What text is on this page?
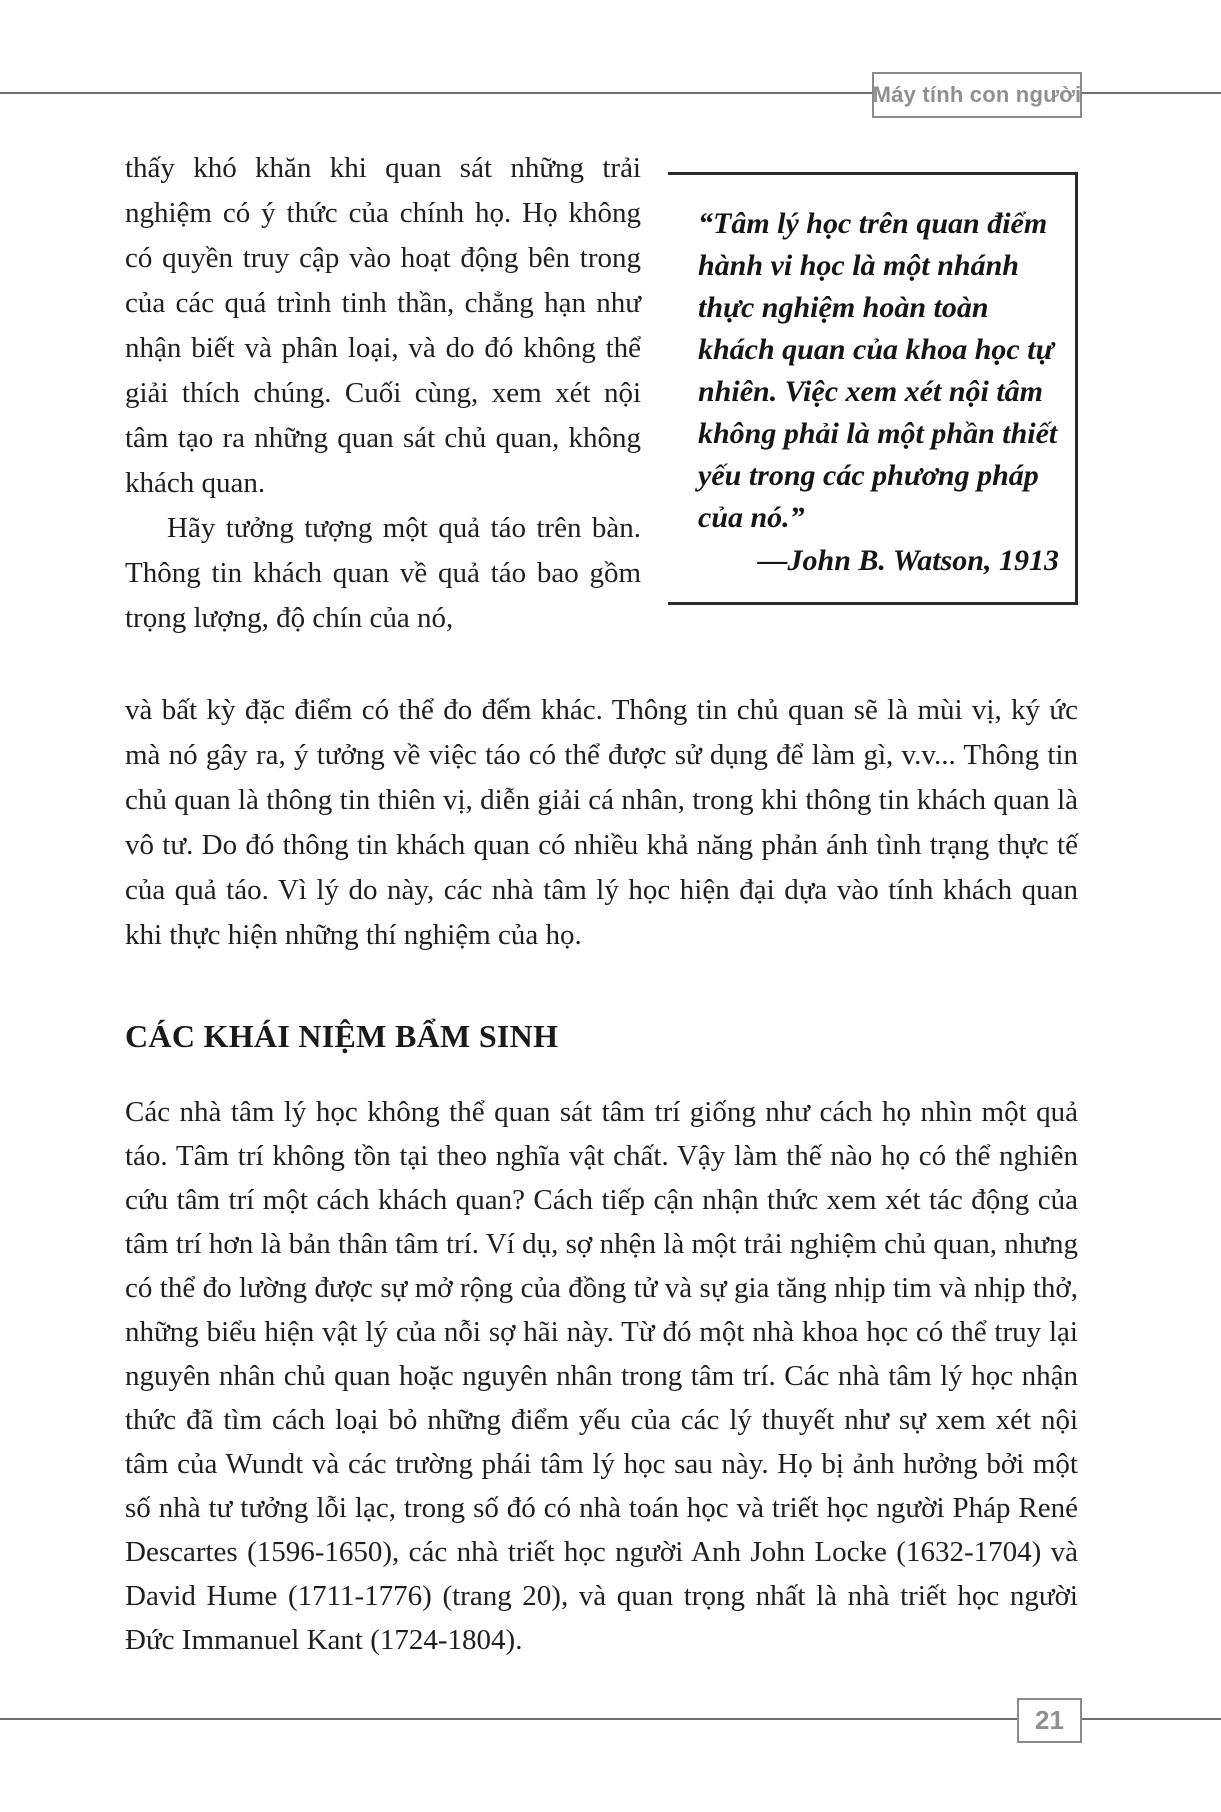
Máy tính con người

“Tâm lý học trên quan điểm hành vi học là một nhánh thực nghiệm hoàn toàn khách quan của khoa học tự nhiên. Việc xem xét nội tâm không phải là một phần thiết yếu trong các phương pháp của nó.”

—John B. Watson, 1913

thấy khó khăn khi quan sát những trải nghiệm có ý thức của chính họ. Họ không có quyền truy cập vào hoạt động bên trong của các quá trình tinh thần, chẳng hạn như nhận biết và phân loại, và do đó không thể giải thích chúng. Cuối cùng, xem xét nội tâm tạo ra những quan sát chủ quan, không khách quan.

Hãy tưởng tượng một quả táo trên bàn. Thông tin khách quan về quả táo bao gồm trọng lượng, độ chín của nó,

và bất kỳ đặc điểm có thể đo đếm khác. Thông tin chủ quan sẽ là mùi vị, ký ức mà nó gây ra, ý tưởng về việc táo có thể được sử dụng để làm gì, v.v... Thông tin chủ quan là thông tin thiên vị, diễn giải cá nhân, trong khi thông tin khách quan là vô tư. Do đó thông tin khách quan có nhiều khả năng phản ánh tình trạng thực tế của quả táo. Vì lý do này, các nhà tâm lý học hiện đại dựa vào tính khách quan khi thực hiện những thí nghiệm của họ.

CÁC KHÁI NIỆM BẨM SINH

Các nhà tâm lý học không thể quan sát tâm trí giống như cách họ nhìn một quả táo. Tâm trí không tồn tại theo nghĩa vật chất. Vậy làm thế nào họ có thể nghiên cứu tâm trí một cách khách quan? Cách tiếp cận nhận thức xem xét tác động của tâm trí hơn là bản thân tâm trí. Ví dụ, sợ nhện là một trải nghiệm chủ quan, nhưng có thể đo lường được sự mở rộng của đồng tử và sự gia tăng nhịp tim và nhịp thở, những biểu hiện vật lý của nỗi sợ hãi này. Từ đó một nhà khoa học có thể truy lại nguyên nhân chủ quan hoặc nguyên nhân trong tâm trí. Các nhà tâm lý học nhận thức đã tìm cách loại bỏ những điểm yếu của các lý thuyết như sự xem xét nội tâm của Wundt và các trường phái tâm lý học sau này. Họ bị ảnh hưởng bởi một số nhà tư tưởng lỗi lạc, trong số đó có nhà toán học và triết học người Pháp René Descartes (1596-1650), các nhà triết học người Anh John Locke (1632-1704) và David Hume (1711-1776) (trang 20), và quan trọng nhất là nhà triết học người Đức Immanuel Kant (1724-1804).

21
